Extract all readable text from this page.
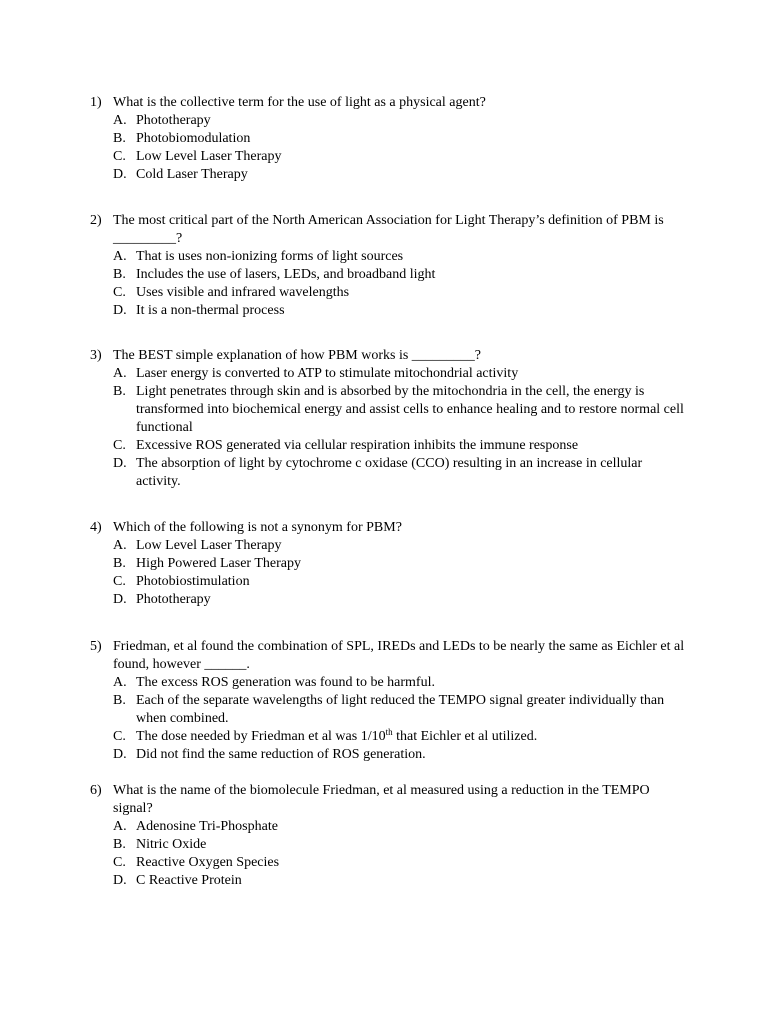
1) What is the collective term for the use of light as a physical agent?
A. Phototherapy
B. Photobiomodulation
C. Low Level Laser Therapy
D. Cold Laser Therapy
2) The most critical part of the North American Association for Light Therapy’s definition of PBM is _________?
A. That is uses non-ionizing forms of light sources
B. Includes the use of lasers, LEDs, and broadband light
C. Uses visible and infrared wavelengths
D. It is a non-thermal process
3) The BEST simple explanation of how PBM works is _________?
A. Laser energy is converted to ATP to stimulate mitochondrial activity
B. Light penetrates through skin and is absorbed by the mitochondria in the cell, the energy is transformed into biochemical energy and assist cells to enhance healing and to restore normal cell functional
C. Excessive ROS generated via cellular respiration inhibits the immune response
D. The absorption of light by cytochrome c oxidase (CCO) resulting in an increase in cellular activity.
4) Which of the following is not a synonym for PBM?
A. Low Level Laser Therapy
B. High Powered Laser Therapy
C. Photobiostimulation
D. Phototherapy
5) Friedman, et al found the combination of SPL, IREDs and LEDs to be nearly the same as Eichler et al found, however ______.
A. The excess ROS generation was found to be harmful.
B. Each of the separate wavelengths of light reduced the TEMPO signal greater individually than when combined.
C. The dose needed by Friedman et al was 1/10th that Eichler et al utilized.
D. Did not find the same reduction of ROS generation.
6) What is the name of the biomolecule Friedman, et al measured using a reduction in the TEMPO signal?
A. Adenosine Tri-Phosphate
B. Nitric Oxide
C. Reactive Oxygen Species
D. C Reactive Protein
